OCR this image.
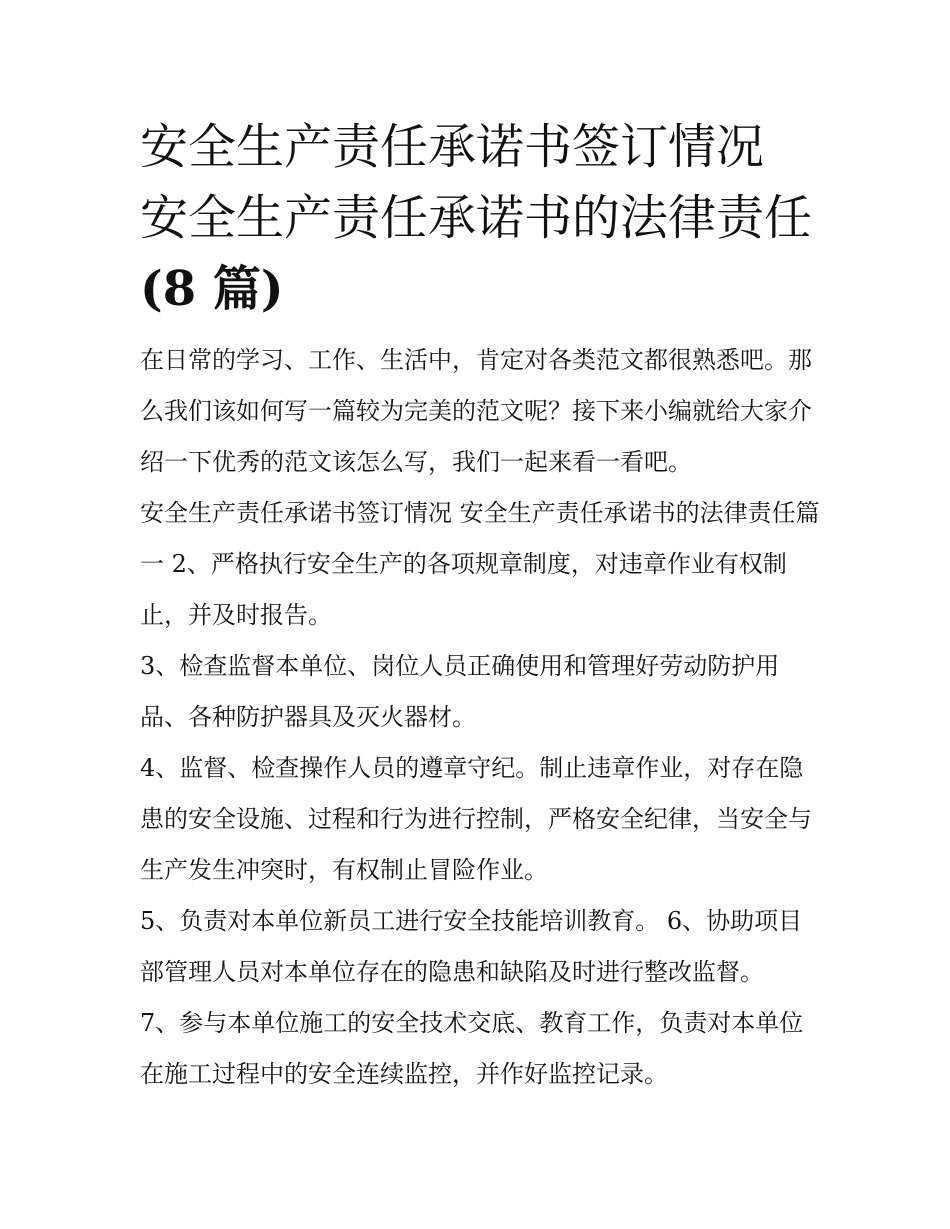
安全生产责任承诺书签订情况 安全生产责任承诺书的法律责任(8 篇)

在日常的学习、工作、生活中，肯定对各类范文都很熟悉吧。那么我们该如何写一篇较为完美的范文呢？接下来小编就给大家介绍一下优秀的范文该怎么写，我们一起来看一看吧。

安全生产责任承诺书签订情况 安全生产责任承诺书的法律责任篇一 2、严格执行安全生产的各项规章制度，对违章作业有权制止，并及时报告。

3、检查监督本单位、岗位人员正确使用和管理好劳动防护用品、各种防护器具及灭火器材。

4、监督、检查操作人员的遵章守纪。制止违章作业，对存在隐患的安全设施、过程和行为进行控制，严格安全纪律，当安全与生产发生冲突时，有权制止冒险作业。

5、负责对本单位新员工进行安全技能培训教育。 6、协助项目部管理人员对本单位存在的隐患和缺陷及时进行整改监督。

7、参与本单位施工的安全技术交底、教育工作，负责对本单位在施工过程中的安全连续监控，并作好监控记录。
